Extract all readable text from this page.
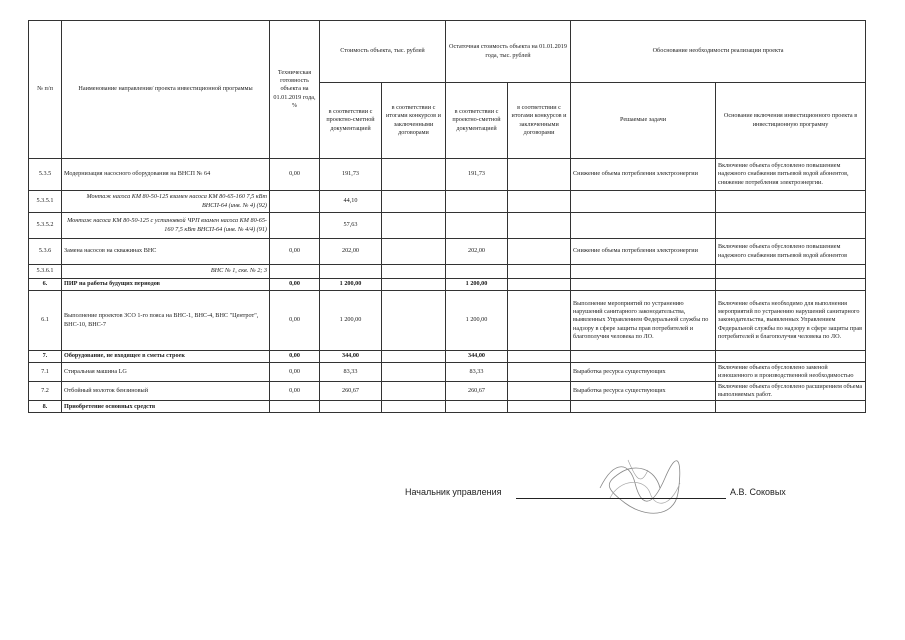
№ п/п	Наименование направления/ проекта инвестиционной программы	Техническая готовность объекта на 01.01.2019 года, %	Стоимость объекта, тыс. рублей		Остаточная стоимость объекта на 01.01.2019 года, тыс. рублей		Обоснование необходимости реализации проекта	
			в соответствии с проектно-сметной документацией	в соответствии с итогами конкурсов и заключенными договорами	в соответствии с проектно-сметной документацией	в соответствии с итогами конкурсов и заключенными договорами	Решаемые задачи	Основание включения инвестиционного проекта в инвестиционную программу
5.3.5	Модернизация насосного оборудования на ВНСП № 64	0,00	191,73		191,73		Снижение объема потребления электроэнергии	Включение объекта обусловлено повышением надежного снабжения питьевой водой абонентов, снижение потребления электроэнергии.
5.3.5.1	Монтаж насоса КМ 80-50-125 взамен насоса КМ 80-65-160 7,5 кВт ВНСП-64 (инв. № 4) (92)		44,10					
5.3.5.2	Монтаж насоса КМ 80-50-125 с установкой ЧРП взамен насоса КМ 80-65-160 7,5 кВт ВНСП-64 (инв. № 4/4) (91)		57,63					
5.3.6	Замена насосов на скважинах ВНС	0,00	202,00		202,00		Снижение объема потребления электроэнергии	Включение объекта обусловлено повышением надежного снабжения питьевой водой абонентов
5.3.6.1	ВНС № 1, скв. № 2; 3							
6.	ПИР на работы будущих периодов	0,00	1 200,00		1 200,00			
6.1	Выполнение проектов ЗСО 1-го пояса на ВНС-1, ВНС-4, ВНС "Центрот", ВНС-10, ВНС-7	0,00	1 200,00		1 200,00		Выполнение мероприятий по устранению нарушений санитарного законодательства, выявленных Управлением Федеральной службы по надзору в сфере защиты прав потребителей и благополучия человека по ЛО.	Включение объекта необходимо для выполнения мероприятий по устранению нарушений санитарного законодательства, выявленных Управлением Федеральной службы по надзору в сфере защиты прав потребителей и благополучия человека по ЛО.
7.	Оборудование, не входящее в сметы строек	0,00	344,00		344,00			
7.1	Стиральная машина LG	0,00	83,33		83,33		Выработка ресурса существующих	Включение объекта обусловлено заменой изношенного и производственной необходимостью
7.2	Отбойный молоток бензиновый	0,00	260,67		260,67		Выработка ресурса существующих	Включение объекта обусловлено расширением объема выполняемых работ.
8.	Приобретение основных средств							
Начальник управления	А.В. Соковых
